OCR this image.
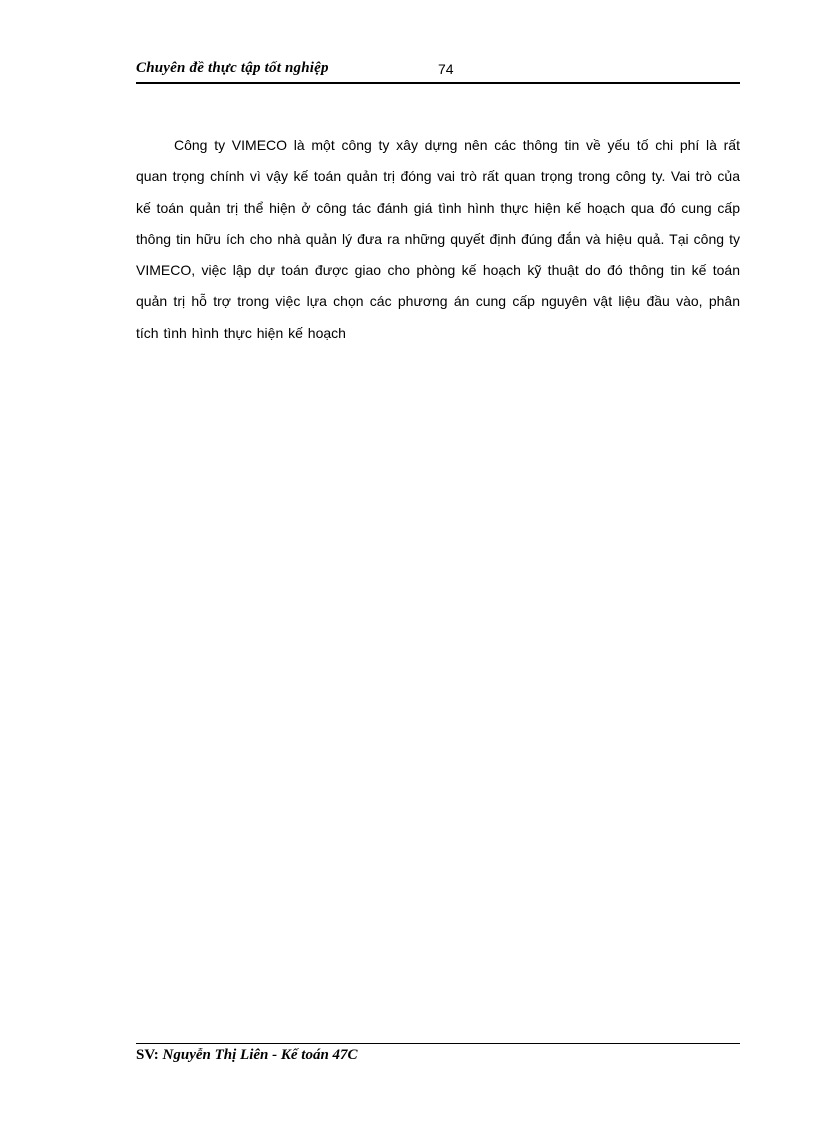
Chuyên đề thực tập tốt nghiệp	74

Công ty VIMECO là một công ty xây dựng nên các thông tin về yếu tố chi phí là rất quan trọng chính vì vậy kế toán quản trị đóng vai trò rất quan trọng trong công ty. Vai trò của kế toán quản trị thể hiện ở công tác đánh giá tình hình thực hiện kế hoạch qua đó cung cấp thông tin hữu ích cho nhà quản lý đưa ra những quyết định đúng đắn và hiệu quả. Tại công ty VIMECO, việc lập dự toán được giao cho phòng kế hoạch kỹ thuật do đó thông tin kế toán quản trị hỗ trợ trong việc lựa chọn các phương án cung cấp nguyên vật liệu đầu vào, phân tích tình hình thực hiện kế hoạch

SV: Nguyễn Thị Liên - Kế toán 47C
